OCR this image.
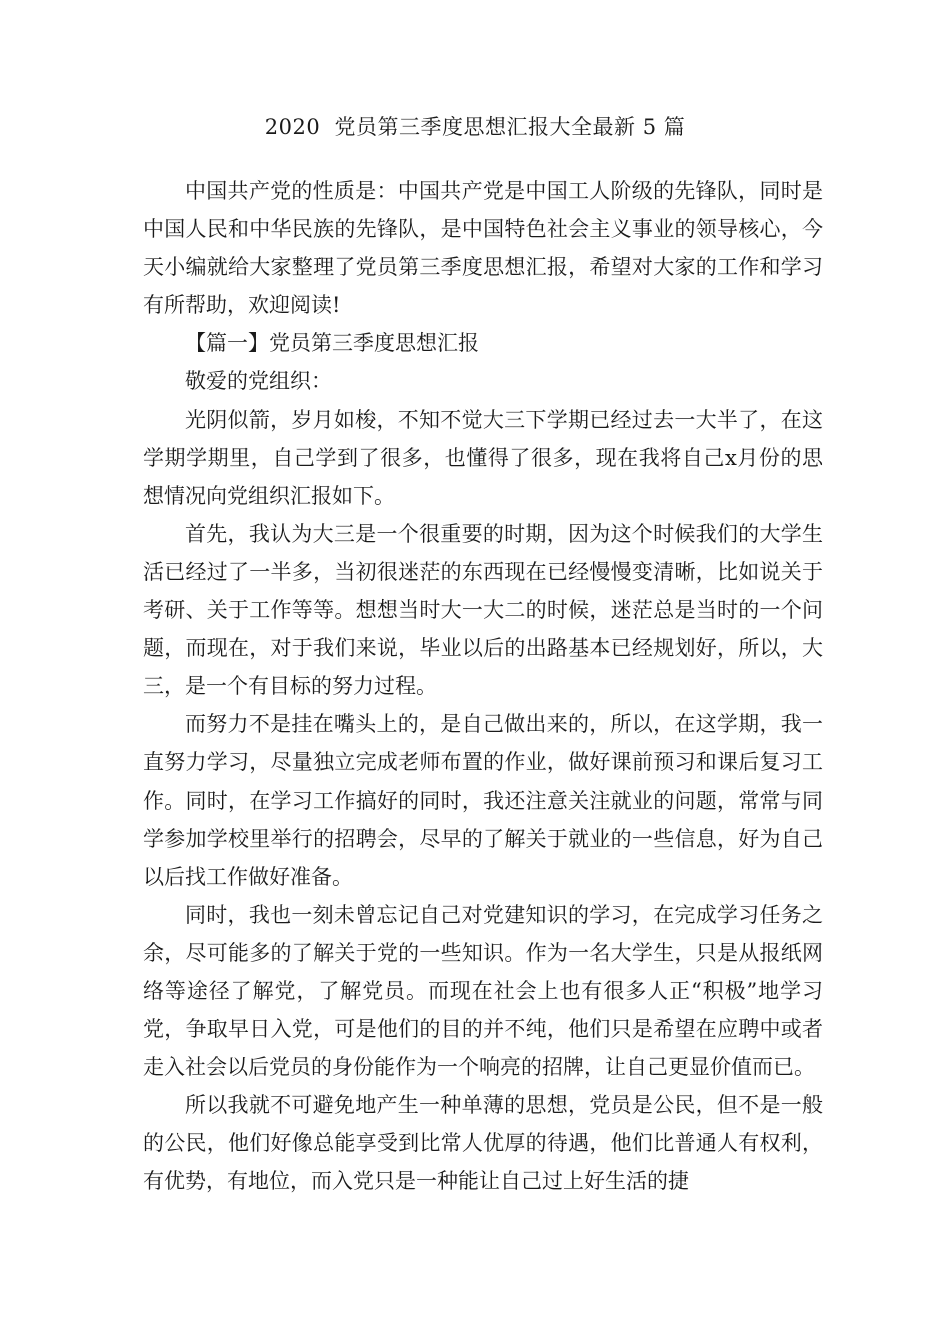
2020  党员第三季度思想汇报大全最新 5 篇

中国共产党的性质是：中国共产党是中国工人阶级的先锋队，同时是中国人民和中华民族的先锋队，是中国特色社会主义事业的领导核心，今天小编就给大家整理了党员第三季度思想汇报，希望对大家的工作和学习有所帮助，欢迎阅读!

【篇一】党员第三季度思想汇报

敬爱的党组织：

光阴似箭，岁月如梭，不知不觉大三下学期已经过去一大半了，在这学期学期里，自己学到了很多，也懂得了很多，现在我将自己x月份的思想情况向党组织汇报如下。

首先，我认为大三是一个很重要的时期，因为这个时候我们的大学生活已经过了一半多，当初很迷茫的东西现在已经慢慢变清晰，比如说关于考研、关于工作等等。想想当时大一大二的时候，迷茫总是当时的一个问题，而现在，对于我们来说，毕业以后的出路基本已经规划好，所以，大三，是一个有目标的努力过程。

而努力不是挂在嘴头上的，是自己做出来的，所以，在这学期，我一直努力学习，尽量独立完成老师布置的作业，做好课前预习和课后复习工作。同时，在学习工作搞好的同时，我还注意关注就业的问题，常常与同学参加学校里举行的招聘会，尽早的了解关于就业的一些信息，好为自己以后找工作做好准备。

同时，我也一刻未曾忘记自己对党建知识的学习，在完成学习任务之余，尽可能多的了解关于党的一些知识。作为一名大学生，只是从报纸网络等途径了解党，了解党员。而现在社会上也有很多人正“积极”地学习党，争取早日入党，可是他们的目的并不纯，他们只是希望在应聘中或者走入社会以后党员的身份能作为一个响亮的招牌，让自己更显价值而已。

所以我就不可避免地产生一种单薄的思想，党员是公民，但不是一般的公民，他们好像总能享受到比常人优厚的待遇，他们比普通人有权利，有优势，有地位，而入党只是一种能让自己过上好生活的捷
